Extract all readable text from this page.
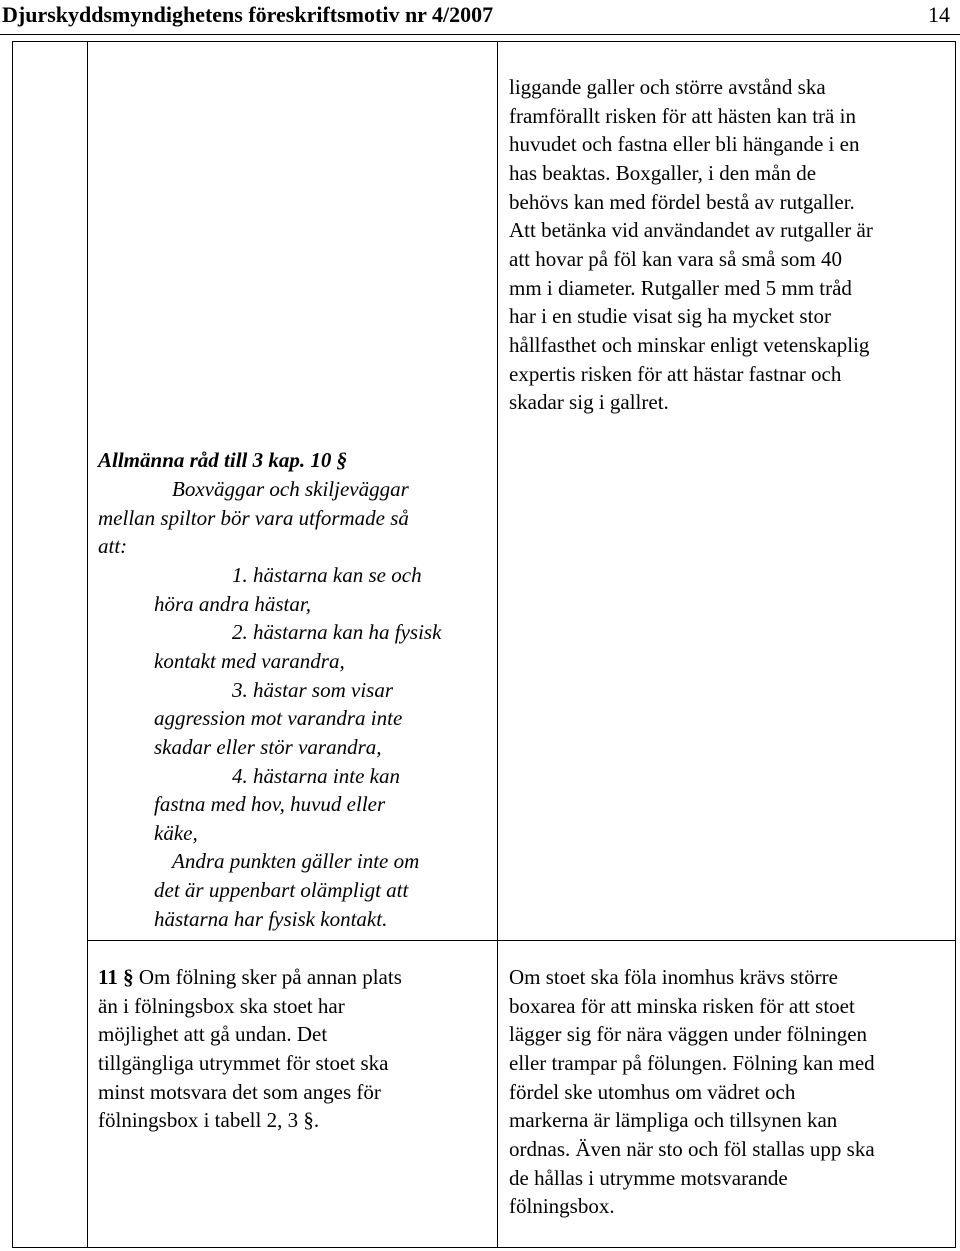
Djurskyddsmyndighetens föreskriftsmotiv nr 4/2007	14
liggande galler och större avstånd ska
framförallt risken för att hästen kan trä in
huvudet och fastna eller bli hängande i en
has beaktas. Boxgaller, i den mån de
behövs kan med fördel bestå av rutgaller.
Att betänka vid användandet av rutgaller är
att hovar på föl kan vara så små som 40
mm i diameter. Rutgaller med 5 mm tråd
har i en studie visat sig ha mycket stor
hållfasthet och minskar enligt vetenskaplig
expertis risken för att hästar fastnar och
skadar sig i gallret.
Allmänna råd till 3 kap. 10 §
Boxväggar och skiljeväggar
mellan spiltor bör vara utformade så
att:
1. hästarna kan se och
höra andra hästar,
2. hästarna kan ha fysisk
kontakt med varandra,
3. hästar som visar
aggression mot varandra inte
skadar eller stör varandra,
4. hästarna inte kan
fastna med hov, huvud eller
käke,
Andra punkten gäller inte om
det är uppenbart olämpligt att
hästarna har fysisk kontakt.
11 § Om fölning sker på annan plats
än i fölningsbox ska stoet har
möjlighet att gå undan. Det
tillgängliga utrymmet för stoet ska
minst motsvara det som anges för
fölningsbox i tabell 2, 3 §.
Om stoet ska föla inomhus krävs större
boxarea för att minska risken för att stoet
lägger sig för nära väggen under fölningen
eller trampar på fölungen. Fölning kan med
fördel ske utomhus om vädret och
markerna är lämpliga och tillsynen kan
ordnas. Även när sto och föl stallas upp ska
de hållas i utrymme motsvarande
fölningsbox.
